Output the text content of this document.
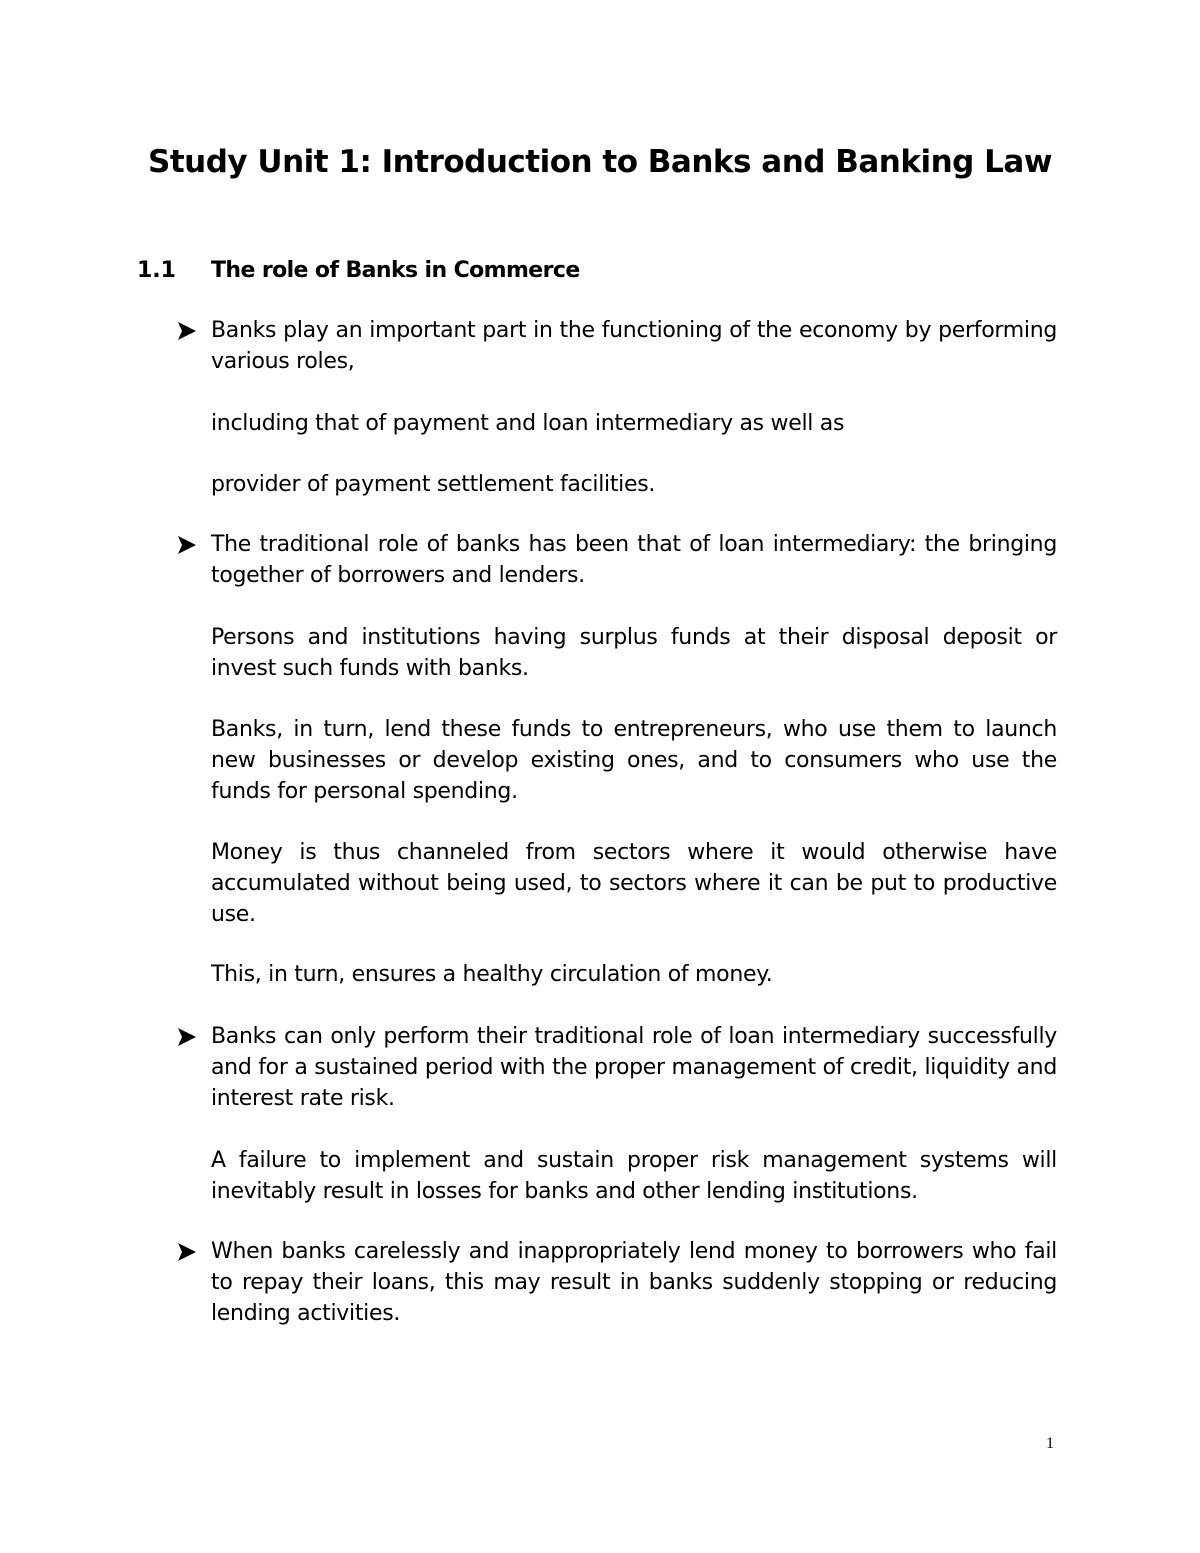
Study Unit 1: Introduction to Banks and Banking Law
1.1 The role of Banks in Commerce
Banks play an important part in the functioning of the economy by performing various roles,
including that of payment and loan intermediary as well as
provider of payment settlement facilities.
The traditional role of banks has been that of loan intermediary: the bringing together of borrowers and lenders.
Persons and institutions having surplus funds at their disposal deposit or invest such funds with banks.
Banks, in turn, lend these funds to entrepreneurs, who use them to launch new businesses or develop existing ones, and to consumers who use the funds for personal spending.
Money is thus channeled from sectors where it would otherwise have accumulated without being used, to sectors where it can be put to productive use.
This, in turn, ensures a healthy circulation of money.
Banks can only perform their traditional role of loan intermediary successfully and for a sustained period with the proper management of credit, liquidity and interest rate risk.
A failure to implement and sustain proper risk management systems will inevitably result in losses for banks and other lending institutions.
When banks carelessly and inappropriately lend money to borrowers who fail to repay their loans, this may result in banks suddenly stopping or reducing lending activities.
1
